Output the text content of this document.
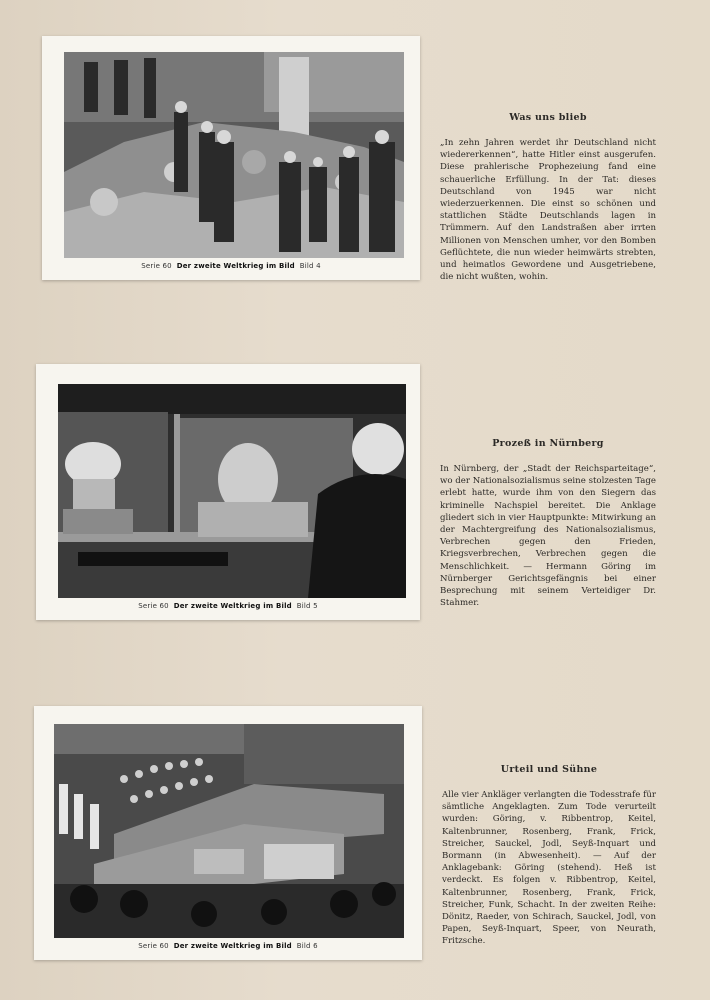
Serie 60 Der zweite Weltkrieg im Bild Bild 4
Serie 60 Der zweite Weltkrieg im Bild Bild 5
Serie 60 Der zweite Weltkrieg im Bild Bild 6
Was uns blieb

„In zehn Jahren werdet ihr Deutschland nicht wiedererkennen“, hatte Hitler einst ausgerufen. Diese prahlerische Prophezeiung fand eine schauerliche Erfüllung. In der Tat: dieses Deutschland von 1945 war nicht wiederzuerkennen. Die einst so schönen und stattlichen Städte Deutschlands lagen in Trümmern. Auf den Landstraßen aber irrten Millionen von Menschen umher, vor den Bomben Geflüchtete, die nun wieder heimwärts strebten, und heimatlos Gewordene und Ausgetriebene, die nicht wußten, wohin.

Prozeß in Nürnberg

In Nürnberg, der „Stadt der Reichsparteitage“, wo der Nationalsozialismus seine stolzesten Tage erlebt hatte, wurde ihm von den Siegern das kriminelle Nachspiel bereitet. Die Anklage gliedert sich in vier Hauptpunkte: Mitwirkung an der Machtergreifung des Nationalsozialismus, Verbrechen gegen den Frieden, Kriegsverbrechen, Verbrechen gegen die Menschlichkeit. — Hermann Göring im Nürnberger Gerichtsgefängnis bei einer Besprechung mit seinem Verteidiger Dr. Stahmer.

Urteil und Sühne

Alle vier Ankläger verlangten die Todesstrafe für sämtliche Angeklagten. Zum Tode verurteilt wurden: Göring, v. Ribbentrop, Keitel, Kaltenbrunner, Rosenberg, Frank, Frick, Streicher, Sauckel, Jodl, Seyß-Inquart und Bormann (in Abwesenheit). — Auf der Anklagebank: Göring (stehend). Heß ist verdeckt. Es folgen v. Ribbentrop, Keitel, Kaltenbrunner, Rosenberg, Frank, Frick, Streicher, Funk, Schacht. In der zweiten Reihe: Dönitz, Raeder, von Schirach, Sauckel, Jodl, von Papen, Seyß-Inquart, Speer, von Neurath, Fritzsche.
